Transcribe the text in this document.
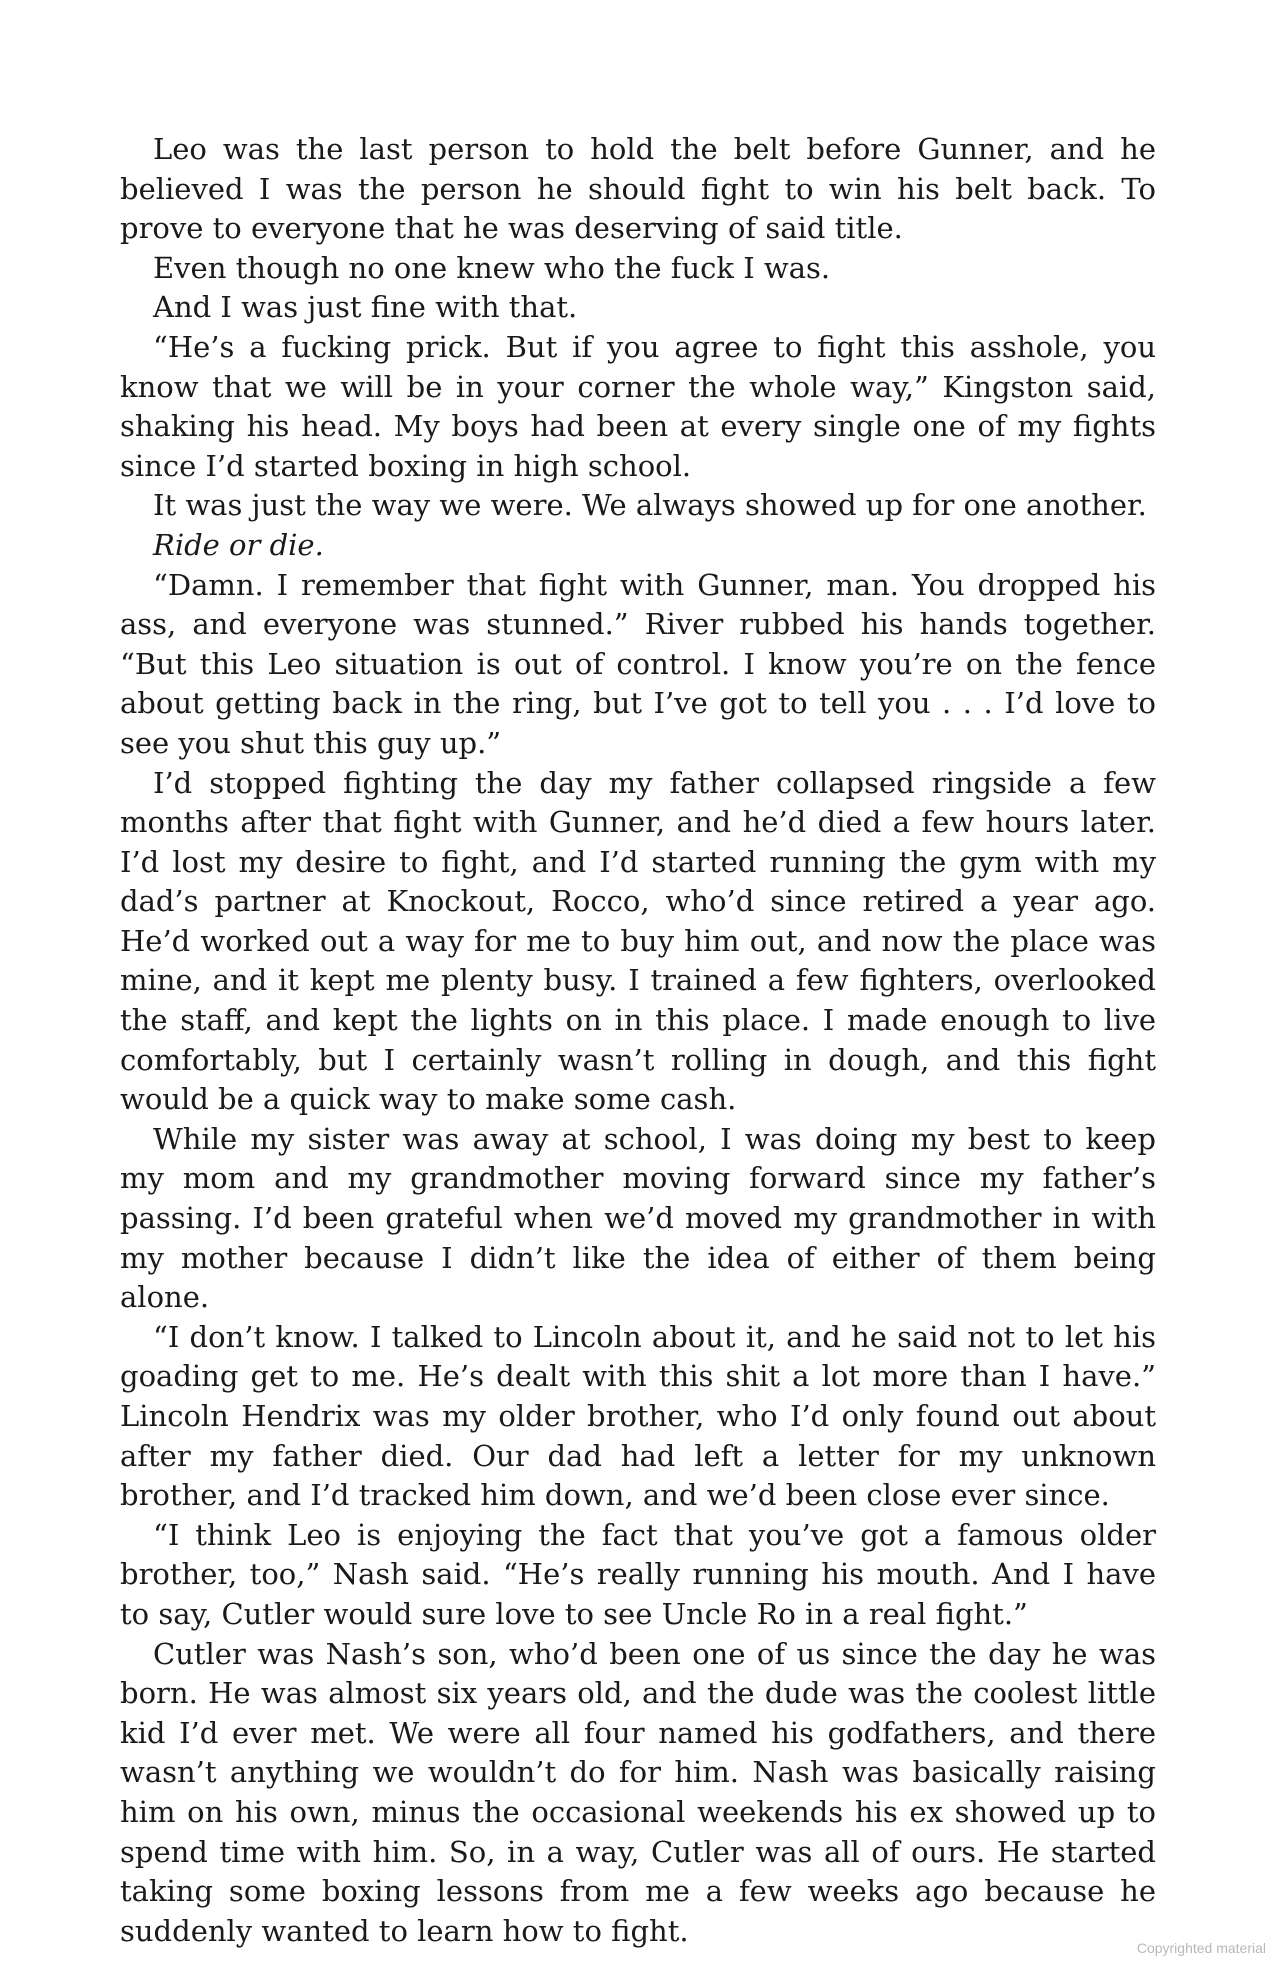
Leo was the last person to hold the belt before Gunner, and he believed I was the person he should fight to win his belt back. To prove to everyone that he was deserving of said title.

Even though no one knew who the fuck I was.

And I was just fine with that.

“He’s a fucking prick. But if you agree to fight this asshole, you know that we will be in your corner the whole way,” Kingston said, shaking his head. My boys had been at every single one of my fights since I’d started boxing in high school.

It was just the way we were. We always showed up for one another.

Ride or die.

“Damn. I remember that fight with Gunner, man. You dropped his ass, and everyone was stunned.” River rubbed his hands together. “But this Leo situation is out of control. I know you’re on the fence about getting back in the ring, but I’ve got to tell you . . . I’d love to see you shut this guy up.”

I’d stopped fighting the day my father collapsed ringside a few months after that fight with Gunner, and he’d died a few hours later. I’d lost my desire to fight, and I’d started running the gym with my dad’s partner at Knockout, Rocco, who’d since retired a year ago. He’d worked out a way for me to buy him out, and now the place was mine, and it kept me plenty busy. I trained a few fighters, overlooked the staff, and kept the lights on in this place. I made enough to live comfortably, but I certainly wasn’t rolling in dough, and this fight would be a quick way to make some cash.

While my sister was away at school, I was doing my best to keep my mom and my grandmother moving forward since my father’s passing. I’d been grateful when we’d moved my grandmother in with my mother because I didn’t like the idea of either of them being alone.

“I don’t know. I talked to Lincoln about it, and he said not to let his goading get to me. He’s dealt with this shit a lot more than I have.” Lincoln Hendrix was my older brother, who I’d only found out about after my father died. Our dad had left a letter for my unknown brother, and I’d tracked him down, and we’d been close ever since.

“I think Leo is enjoying the fact that you’ve got a famous older brother, too,” Nash said. “He’s really running his mouth. And I have to say, Cutler would sure love to see Uncle Ro in a real fight.”

Cutler was Nash’s son, who’d been one of us since the day he was born. He was almost six years old, and the dude was the coolest little kid I’d ever met. We were all four named his godfathers, and there wasn’t anything we wouldn’t do for him. Nash was basically raising him on his own, minus the occasional weekends his ex showed up to spend time with him. So, in a way, Cutler was all of ours. He started taking some boxing lessons from me a few weeks ago because he suddenly wanted to learn how to fight.

Copyrighted material
